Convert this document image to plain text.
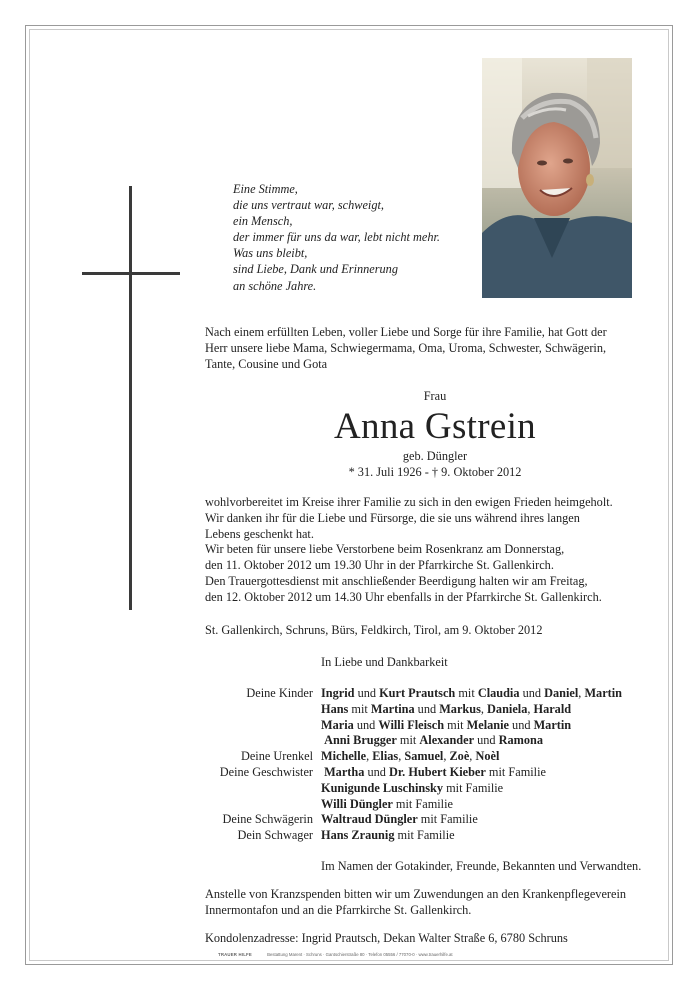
Eine Stimme,
die uns vertraut war, schweigt,
ein Mensch,
der immer für uns da war, lebt nicht mehr.
Was uns bleibt,
sind Liebe, Dank und Erinnerung
an schöne Jahre.
Nach einem erfüllten Leben, voller Liebe und Sorge für ihre Familie, hat Gott der
Herr unsere liebe Mama, Schwiegermama, Oma, Uroma, Schwester, Schwägerin,
Tante, Cousine und Gota
Frau
Anna Gstrein
geb. Düngler
* 31. Juli 1926 - † 9. Oktober 2012
wohlvorbereitet im Kreise ihrer Familie zu sich in den ewigen Frieden heimgeholt.
Wir danken ihr für die Liebe und Fürsorge, die sie uns während ihres langen
Lebens geschenkt hat.
Wir beten für unsere liebe Verstorbene beim Rosenkranz am Donnerstag,
den 11. Oktober 2012 um 19.30 Uhr in der Pfarrkirche St. Gallenkirch.
Den Trauergottesdienst mit anschließender Beerdigung halten wir am Freitag,
den 12. Oktober 2012 um 14.30 Uhr ebenfalls in der Pfarrkirche St. Gallenkirch.
St. Gallenkirch, Schruns, Bürs, Feldkirch, Tirol, am 9. Oktober 2012
In Liebe und Dankbarkeit
Deine Kinder Ingrid und Kurt Prautsch mit Claudia und Daniel, Martin
Hans mit Martina und Markus, Daniela, Harald
Maria und Willi Fleisch mit Melanie und Martin
Anni Brugger mit Alexander und Ramona
Deine Urenkel Michelle, Elias, Samuel, Zoè, Noèl
Deine Geschwister Martha und Dr. Hubert Kieber mit Familie
Kunigunde Luschinsky mit Familie
Willi Düngler mit Familie
Deine Schwägerin Waltraud Düngler mit Familie
Dein Schwager Hans Zraunig mit Familie
Im Namen der Gotakinder, Freunde, Bekannten und Verwandten.
Anstelle von Kranzspenden bitten wir um Zuwendungen an den Krankenpflegeverein
Innermontafon und an die Pfarrkirche St. Gallenkirch.
Kondolenzadresse: Ingrid Prautsch, Dekan Walter Straße 6, 6780 Schruns
TRAUER HILFE	Bestattung Marent · Schruns · Gantschierstraße 80 · Telefon 05556 / 77070-0 · www.trauerhilfe.at
